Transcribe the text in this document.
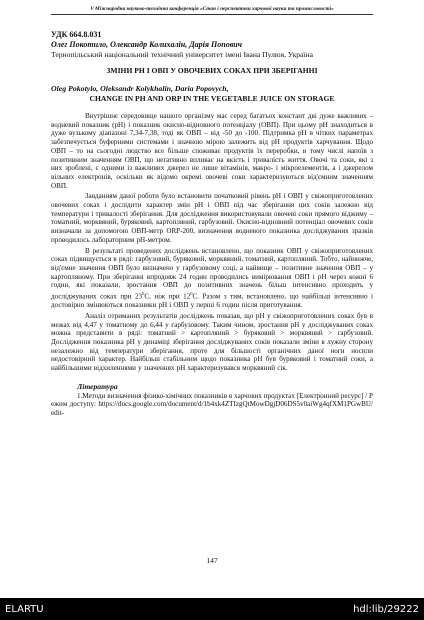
V Міжнародна науково-технічна конференція «Стан і перспективи харчової науки та промисловості»
УДК 664.8.031
Олег Покотило, Олександр Колихалін, Дарія Попович
Тернопільський національний технічний університет імені Івана Пулюя, Україна
ЗМІНИ РН І ОВП У ОВОЧЕВИХ СОКАХ ПРИ ЗБЕРІГАННІ
Oleg Pokotylo, Oleksandr Kolykhalin, Daria Popovych,
CHANGE IN PH AND ORP IN THE VEGETABLE JUICE ON STORAGE

Внутрішнє середовище нашого організму має серед багатьох констант дві дуже важливих – водневий показник (рН) і показник окисно-відновного потенціалу (ОВП). При цьому рН знаходиться в дуже вузькому діапазоні 7,34-7,38, тоді як ОВП – від -50 до -100. Підтримка рН в чітких параметрах забезпечується буферними системами і значною мірою залежить від рН продуктів харчування. Щодо ОВП – то на сьогодні людство все більше споживає продуктів їх переробки, в тому числі напоїв з позитивним значенням ОВП, що негативно впливає на якість і тривалість життя. Овочі та соки, які з них зроблені, є одними із важливих джерел не лише вітамінів, макро- і мікроелементів, а і джерелом вільних електронів, оскільки як відомо окремі овочеві соки характеризуються від'ємним значенням ОВП.

Завданням даної роботи було встановити початковий рівень рН і ОВП у свіжоприготовлених овочевих соках і дослідити характер змін рН і ОВП під час зберігання цих соків залежно від температури і тривалості зберігання. Для дослідження використовували овочеві соки прямого віджиму – томатний, морквяний, буряковий, картопляний, гарбузовий. Окисно-відновний потенціал овочевих соків визначали за допомогою ОВП-метр ORP-200, визначення водневого показника досліджуваних зразків проводилось лабораторним рН-метром.

В результаті проведених досліджень встановлено, що показник ОВП у свіжоприготовлених соках підвищується в ряді: гарбузовий, буряковий, морквяний, томатний, картопляний. Тобто, найнижче, від'ємне значення ОВП було визначено у гарбузовому соці, а найвище – позитивне значення ОВП – у картопляному. При зберіганні впродовж 24 годин проводились вимірювання ОВП і рН через кожні 6 годин, які показали, зростання ОВП до позитивних значень більш інтенсивно проходить у досліджуваних соках при $23^0С$, ніж при $12^0С$. Разом з тим, встановлено, що найбільш інтенсивно і достовірно змінюються показники рН і ОВП у перші 6 годин після приготування.

Аналіз отриманих результатів досліджень показав, що рН у свіжоприготовлених соках був в межах від 4,47 у томатному до 6,44 у гарбузовому. Таким чином, зростання рН у досліджуваних соках можна представити в ряді: томатний > картопляний > буряковий > морквяний > гарбузовий. Дослідження показника рН у динаміці зберігання досліджуваних соків показали зміни в лужну сторону незалежно від температури зберігання, проте для більшості органічних даної ноги носили недостовірний характер. Найбільш стабільним щодо показника рН був буряковий і томатний соки, а найбільшими відхиленнями у значеннях рН характеризувався морквяний сік.

Література
1.Методи визначення фізико-хімічних показників в харчових продуктах [Електронний ресурс] / Режим доступу: https://docs.google.com/document/d/1b4xk4ZTIzgQtMowDgjD06DS5v0aiWg4qfXM1PGwBU/edit-
147
ELARTU	hdl:lib/29222
